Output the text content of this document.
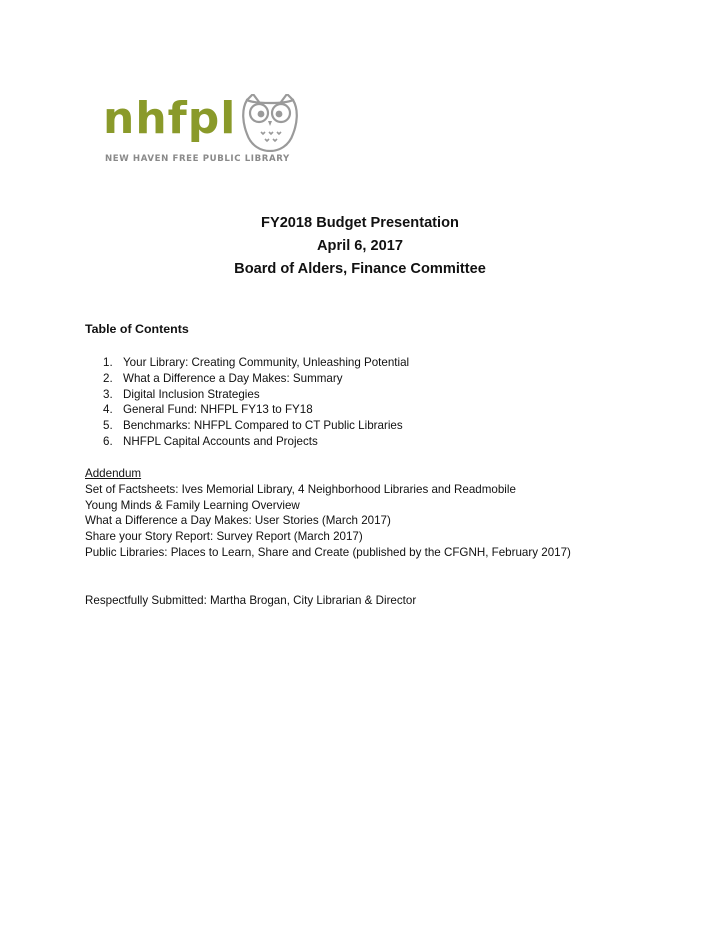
nhfpl
NEW HAVEN FREE PUBLIC LIBRARY
FY2018 Budget Presentation
April 6, 2017
Board of Alders, Finance Committee
Table of Contents
1. Your Library: Creating Community, Unleashing Potential
2. What a Difference a Day Makes: Summary
3. Digital Inclusion Strategies
4. General Fund: NHFPL FY13 to FY18
5. Benchmarks: NHFPL Compared to CT Public Libraries
6. NHFPL Capital Accounts and Projects
Addendum
Set of Factsheets: Ives Memorial Library, 4 Neighborhood Libraries and Readmobile
Young Minds & Family Learning Overview
What a Difference a Day Makes: User Stories (March 2017)
Share your Story Report: Survey Report (March 2017)
Public Libraries: Places to Learn, Share and Create (published by the CFGNH, February 2017)
Respectfully Submitted: Martha Brogan, City Librarian & Director
